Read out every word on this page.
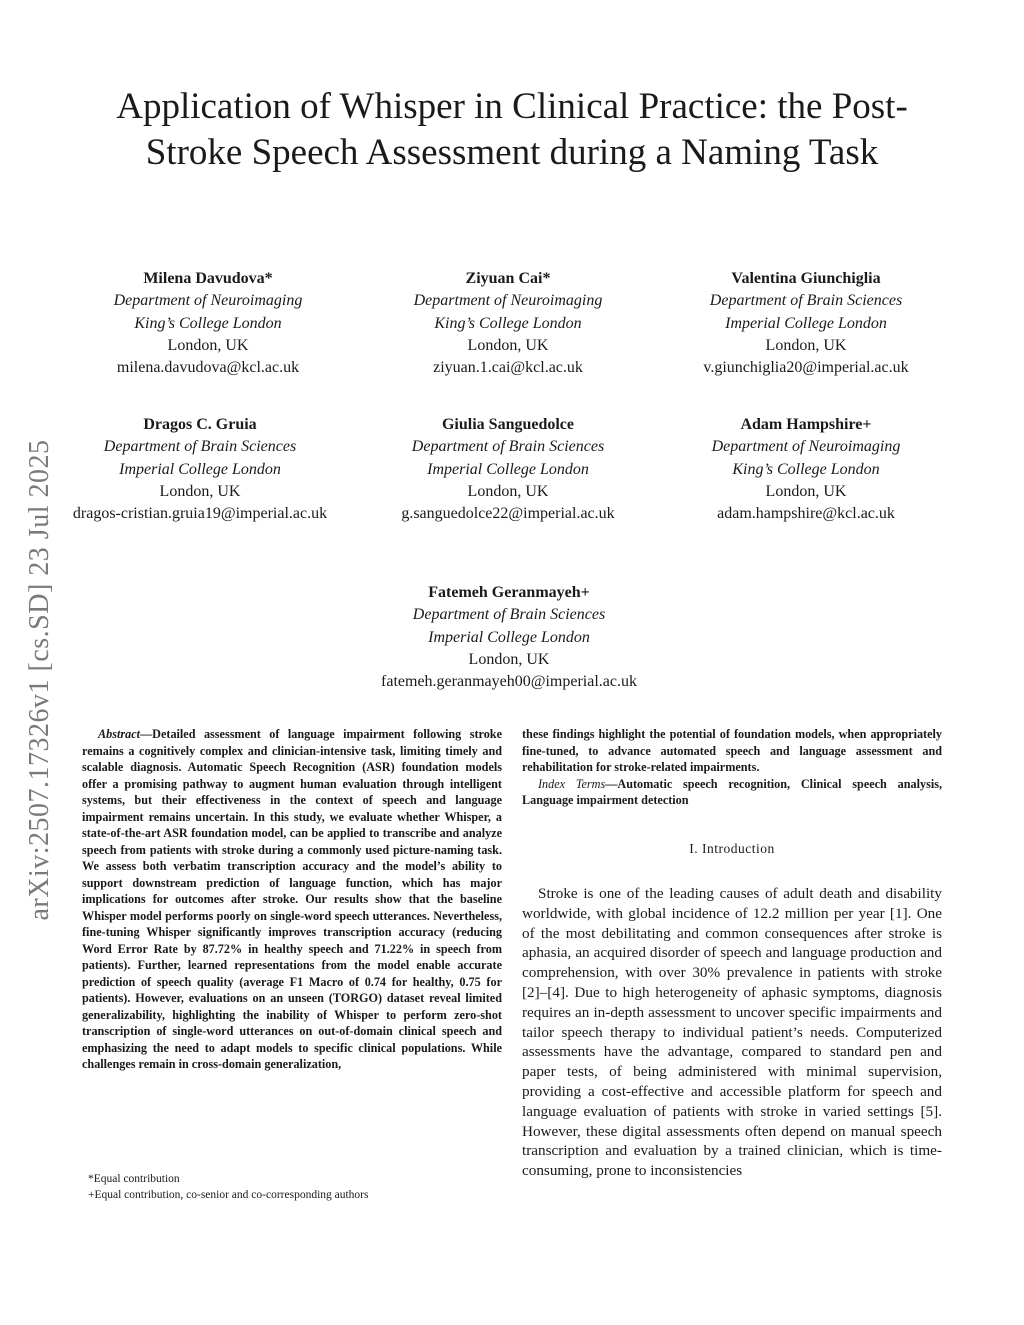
arXiv:2507.17326v1 [cs.SD] 23 Jul 2025
Application of Whisper in Clinical Practice: the Post-Stroke Speech Assessment during a Naming Task
Milena Davudova*
Department of Neuroimaging
King’s College London
London, UK
milena.davudova@kcl.ac.uk
Ziyuan Cai*
Department of Neuroimaging
King’s College London
London, UK
ziyuan.1.cai@kcl.ac.uk
Valentina Giunchiglia
Department of Brain Sciences
Imperial College London
London, UK
v.giunchiglia20@imperial.ac.uk
Dragos C. Gruia
Department of Brain Sciences
Imperial College London
London, UK
dragos-cristian.gruia19@imperial.ac.uk
Giulia Sanguedolce
Department of Brain Sciences
Imperial College London
London, UK
g.sanguedolce22@imperial.ac.uk
Adam Hampshire+
Department of Neuroimaging
King’s College London
London, UK
adam.hampshire@kcl.ac.uk
Fatemeh Geranmayeh+
Department of Brain Sciences
Imperial College London
London, UK
fatemeh.geranmayeh00@imperial.ac.uk
Abstract—Detailed assessment of language impairment following stroke remains a cognitively complex and clinician-intensive task, limiting timely and scalable diagnosis. Automatic Speech Recognition (ASR) foundation models offer a promising pathway to augment human evaluation through intelligent systems, but their effectiveness in the context of speech and language impairment remains uncertain. In this study, we evaluate whether Whisper, a state-of-the-art ASR foundation model, can be applied to transcribe and analyze speech from patients with stroke during a commonly used picture-naming task. We assess both verbatim transcription accuracy and the model’s ability to support downstream prediction of language function, which has major implications for outcomes after stroke. Our results show that the baseline Whisper model performs poorly on single-word speech utterances. Nevertheless, fine-tuning Whisper significantly improves transcription accuracy (reducing Word Error Rate by 87.72% in healthy speech and 71.22% in speech from patients). Further, learned representations from the model enable accurate prediction of speech quality (average F1 Macro of 0.74 for healthy, 0.75 for patients). However, evaluations on an unseen (TORGO) dataset reveal limited generalizability, highlighting the inability of Whisper to perform zero-shot transcription of single-word utterances on out-of-domain clinical speech and emphasizing the need to adapt models to specific clinical populations. While challenges remain in cross-domain generalization,
these findings highlight the potential of foundation models, when appropriately fine-tuned, to advance automated speech and language assessment and rehabilitation for stroke-related impairments.
Index Terms—Automatic speech recognition, Clinical speech analysis, Language impairment detection
I. Introduction
Stroke is one of the leading causes of adult death and disability worldwide, with global incidence of 12.2 million per year [1]. One of the most debilitating and common consequences after stroke is aphasia, an acquired disorder of speech and language production and comprehension, with over 30% prevalence in patients with stroke [2]–[4]. Due to high heterogeneity of aphasic symptoms, diagnosis requires an in-depth assessment to uncover specific impairments and tailor speech therapy to individual patient’s needs. Computerized assessments have the advantage, compared to standard pen and paper tests, of being administered with minimal supervision, providing a cost-effective and accessible platform for speech and language evaluation of patients with stroke in varied settings [5]. However, these digital assessments often depend on manual speech transcription and evaluation by a trained clinician, which is time-consuming, prone to inconsistencies
*Equal contribution
+Equal contribution, co-senior and co-corresponding authors
